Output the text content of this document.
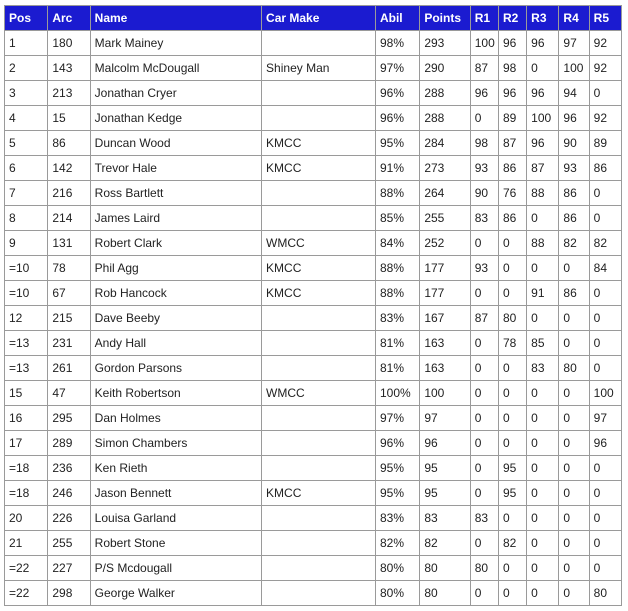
Pos	Arc	Name	Car Make	Abil	Points	R1	R2	R3	R4	R5
1	180	Mark Mainey		98%	293	100	96	96	97	92
2	143	Malcolm McDougall	Shiney Man	97%	290	87	98	0	100	92
3	213	Jonathan Cryer		96%	288	96	96	96	94	0
4	15	Jonathan Kedge		96%	288	0	89	100	96	92
5	86	Duncan Wood	KMCC	95%	284	98	87	96	90	89
6	142	Trevor Hale	KMCC	91%	273	93	86	87	93	86
7	216	Ross Bartlett		88%	264	90	76	88	86	0
8	214	James Laird		85%	255	83	86	0	86	0
9	131	Robert Clark	WMCC	84%	252	0	0	88	82	82
=10	78	Phil Agg	KMCC	88%	177	93	0	0	0	84
=10	67	Rob Hancock	KMCC	88%	177	0	0	91	86	0
12	215	Dave Beeby		83%	167	87	80	0	0	0
=13	231	Andy Hall		81%	163	0	78	85	0	0
=13	261	Gordon Parsons		81%	163	0	0	83	80	0
15	47	Keith Robertson	WMCC	100%	100	0	0	0	0	100
16	295	Dan Holmes		97%	97	0	0	0	0	97
17	289	Simon Chambers		96%	96	0	0	0	0	96
=18	236	Ken Rieth		95%	95	0	95	0	0	0
=18	246	Jason Bennett	KMCC	95%	95	0	95	0	0	0
20	226	Louisa Garland		83%	83	83	0	0	0	0
21	255	Robert Stone		82%	82	0	82	0	0	0
=22	227	P/S Mcdougall		80%	80	80	0	0	0	0
=22	298	George Walker		80%	80	0	0	0	0	80
